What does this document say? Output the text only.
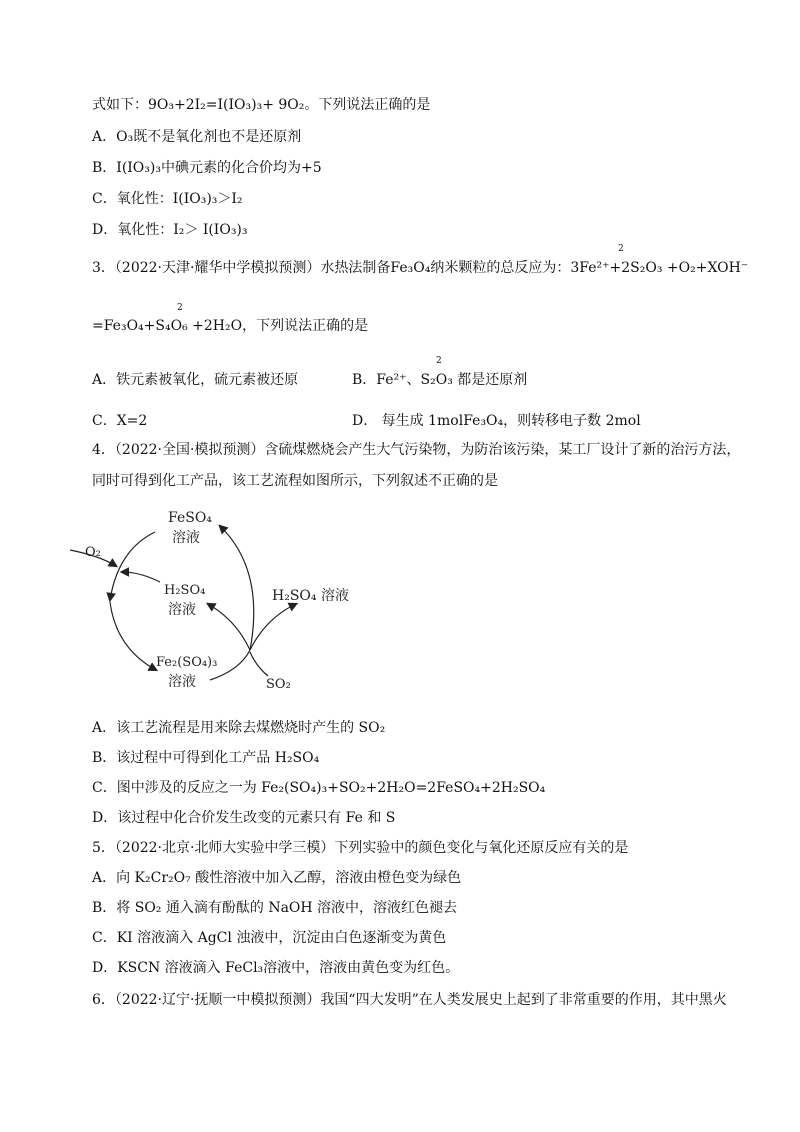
式如下：9O₃+2I₂=I(IO₃)₃+ 9O₂。下列说法正确的是
A．O₃既不是氧化剂也不是还原剂
B．I(IO₃)₃中碘元素的化合价均为+5
C．氧化性：I(IO₃)₃＞I₂
D．氧化性：I₂＞ I(IO₃)₃
3．（2022·天津·耀华中学模拟预测）水热法制备Fe₃O₄纳米颗粒的总反应为：3Fe²⁺+2S₂O₃ +O₂+XOH⁻
2
=Fe₃O₄+S₄O₆ +2H₂O，下列说法正确的是
2
A．铁元素被氧化，硫元素被还原	B．Fe²⁺、S₂O₃ 都是还原剂
2
C．X=2	D． 每生成 1molFe₃O₄，则转移电子数 2mol
4．（2022·全国·模拟预测）含硫煤燃烧会产生大气污染物，为防治该污染，某工厂设计了新的治污方法，
同时可得到化工产品，该工艺流程如图所示，下列叙述不正确的是
FeSO₄
溶液
O₂
H₂SO₄
溶液
H₂SO₄ 溶液
Fe₂(SO₄)₃
溶液	SO₂
A．该工艺流程是用来除去煤燃烧时产生的 SO₂
B．该过程中可得到化工产品 H₂SO₄
C．图中涉及的反应之一为 Fe₂(SO₄)₃+SO₂+2H₂O=2FeSO₄+2H₂SO₄
D．该过程中化合价发生改变的元素只有 Fe 和 S
5．（2022·北京·北师大实验中学三模）下列实验中的颜色变化与氧化还原反应有关的是
A．向 K₂Cr₂O₇ 酸性溶液中加入乙醇，溶液由橙色变为绿色
B．将 SO₂ 通入滴有酚酞的 NaOH 溶液中，溶液红色褪去
C．KI 溶液滴入 AgCl 浊液中，沉淀由白色逐渐变为黄色
D．KSCN 溶液滴入 FeCl₃溶液中，溶液由黄色变为红色。
6．（2022·辽宁·抚顺一中模拟预测）我国“四大发明”在人类发展史上起到了非常重要的作用，其中黑火
